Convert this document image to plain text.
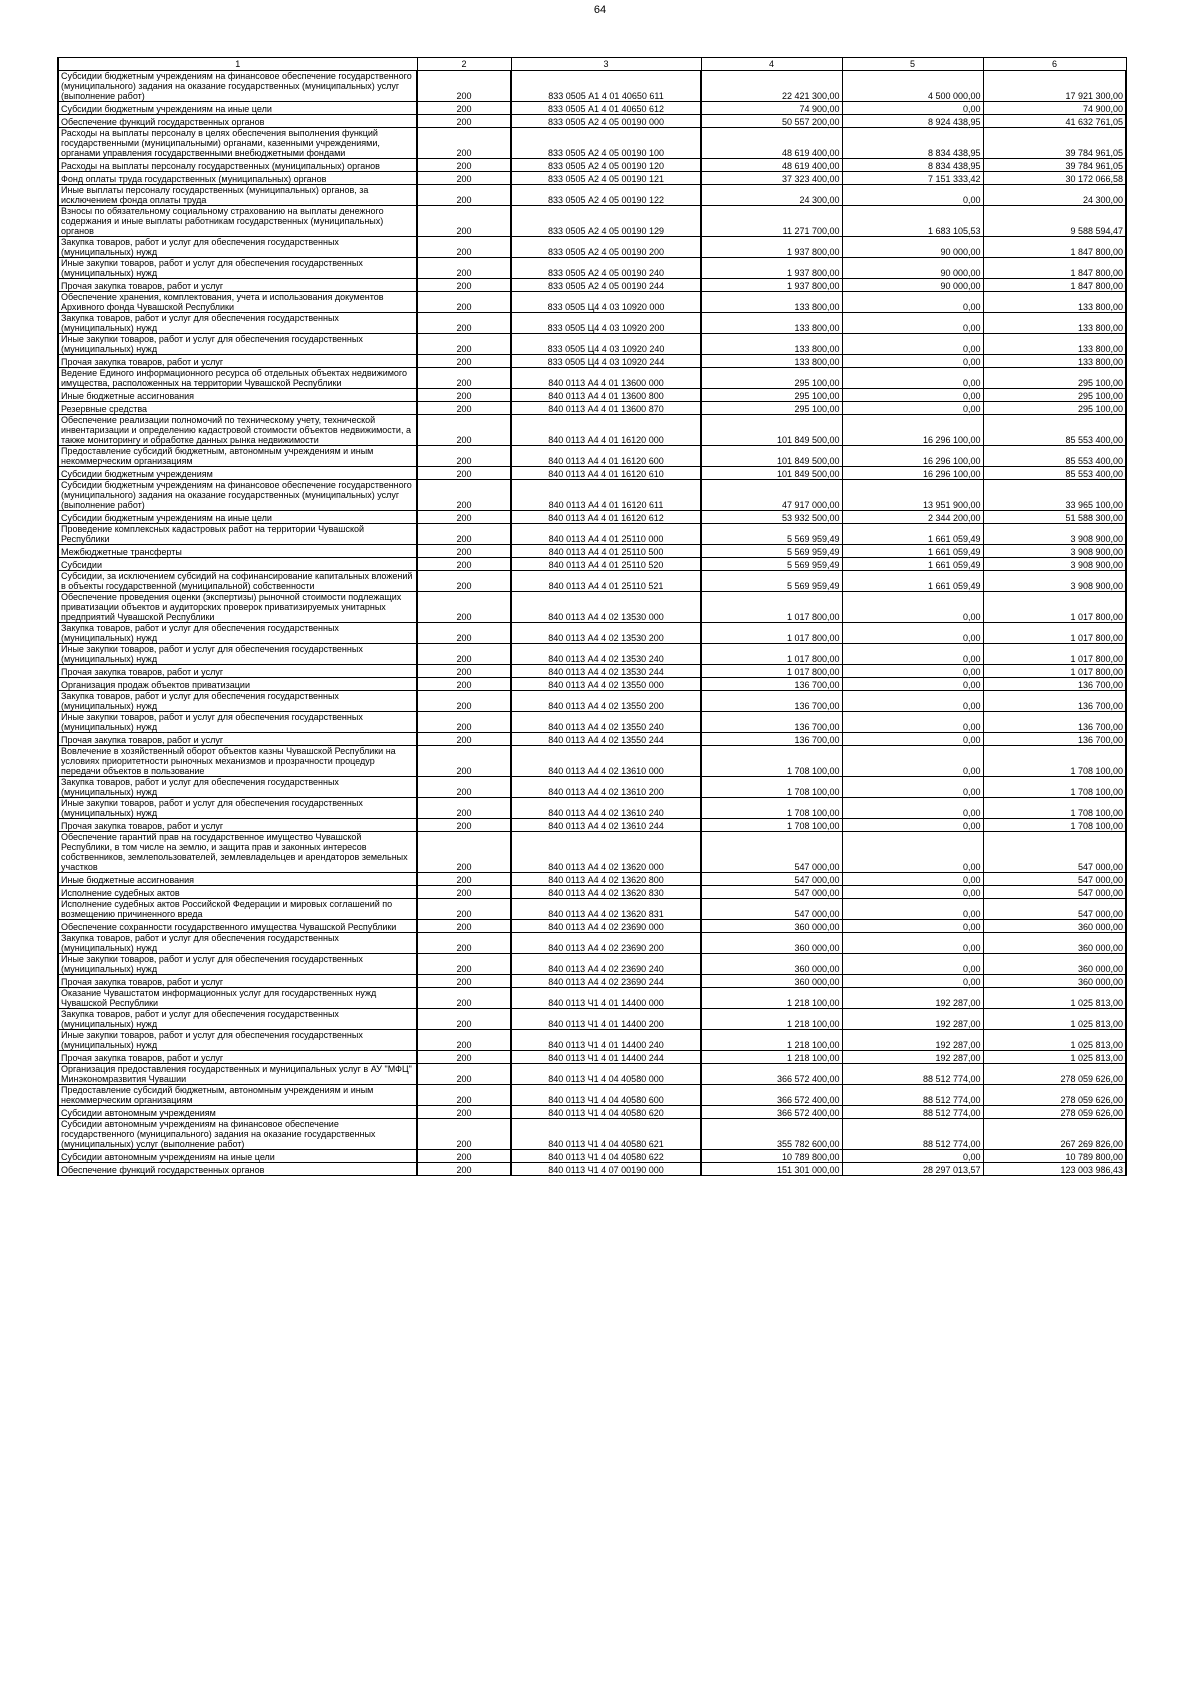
64
1	2	3	4	5	6
Субсидии бюджетным учреждениям на финансовое обеспечение государственного (муниципального) задания на оказание государственных (муниципальных) услуг (выполнение работ)	200	833 0505 А1 4 01 40650 611	22 421 300,00	4 500 000,00	17 921 300,00
Субсидии бюджетным учреждениям на иные цели	200	833 0505 А1 4 01 40650 612	74 900,00	0,00	74 900,00
Обеспечение функций государственных органов	200	833 0505 А2 4 05 00190 000	50 557 200,00	8 924 438,95	41 632 761,05
Расходы на выплаты персоналу в целях обеспечения выполнения функций государственными (муниципальными) органами, казенными учреждениями, органами управления государственными внебюджетными фондами	200	833 0505 А2 4 05 00190 100	48 619 400,00	8 834 438,95	39 784 961,05
Расходы на выплаты персоналу государственных (муниципальных) органов	200	833 0505 А2 4 05 00190 120	48 619 400,00	8 834 438,95	39 784 961,05
Фонд оплаты труда государственных (муниципальных) органов	200	833 0505 А2 4 05 00190 121	37 323 400,00	7 151 333,42	30 172 066,58
Иные выплаты персоналу государственных (муниципальных) органов, за исключением фонда оплаты труда	200	833 0505 А2 4 05 00190 122	24 300,00	0,00	24 300,00
Взносы по обязательному социальному страхованию на выплаты денежного содержания и иные выплаты работникам государственных (муниципальных) органов	200	833 0505 А2 4 05 00190 129	11 271 700,00	1 683 105,53	9 588 594,47
Закупка товаров, работ и услуг для обеспечения государственных (муниципальных) нужд	200	833 0505 А2 4 05 00190 200	1 937 800,00	90 000,00	1 847 800,00
Иные закупки товаров, работ и услуг для обеспечения государственных (муниципальных) нужд	200	833 0505 А2 4 05 00190 240	1 937 800,00	90 000,00	1 847 800,00
Прочая закупка товаров, работ и услуг	200	833 0505 А2 4 05 00190 244	1 937 800,00	90 000,00	1 847 800,00
Обеспечение хранения, комплектования, учета и использования документов Архивного фонда Чувашской Республики	200	833 0505 Ц4 4 03 10920 000	133 800,00	0,00	133 800,00
Закупка товаров, работ и услуг для обеспечения государственных (муниципальных) нужд	200	833 0505 Ц4 4 03 10920 200	133 800,00	0,00	133 800,00
Иные закупки товаров, работ и услуг для обеспечения государственных (муниципальных) нужд	200	833 0505 Ц4 4 03 10920 240	133 800,00	0,00	133 800,00
Прочая закупка товаров, работ и услуг	200	833 0505 Ц4 4 03 10920 244	133 800,00	0,00	133 800,00
Ведение Единого информационного ресурса об отдельных объектах недвижимого имущества, расположенных на территории Чувашской Республики	200	840 0113 А4 4 01 13600 000	295 100,00	0,00	295 100,00
Иные бюджетные ассигнования	200	840 0113 А4 4 01 13600 800	295 100,00	0,00	295 100,00
Резервные средства	200	840 0113 А4 4 01 13600 870	295 100,00	0,00	295 100,00
Обеспечение реализации полномочий по техническому учету, технической инвентаризации и определению кадастровой стоимости объектов недвижимости, а также мониторингу и обработке данных рынка недвижимости	200	840 0113 А4 4 01 16120 000	101 849 500,00	16 296 100,00	85 553 400,00
Предоставление субсидий бюджетным, автономным учреждениям и иным некоммерческим организациям	200	840 0113 А4 4 01 16120 600	101 849 500,00	16 296 100,00	85 553 400,00
Субсидии бюджетным учреждениям	200	840 0113 А4 4 01 16120 610	101 849 500,00	16 296 100,00	85 553 400,00
Субсидии бюджетным учреждениям на финансовое обеспечение государственного (муниципального) задания на оказание государственных (муниципальных) услуг (выполнение работ)	200	840 0113 А4 4 01 16120 611	47 917 000,00	13 951 900,00	33 965 100,00
Субсидии бюджетным учреждениям на иные цели	200	840 0113 А4 4 01 16120 612	53 932 500,00	2 344 200,00	51 588 300,00
Проведение комплексных кадастровых работ на территории Чувашской Республики	200	840 0113 А4 4 01 25110 000	5 569 959,49	1 661 059,49	3 908 900,00
Межбюджетные трансферты	200	840 0113 А4 4 01 25110 500	5 569 959,49	1 661 059,49	3 908 900,00
Субсидии	200	840 0113 А4 4 01 25110 520	5 569 959,49	1 661 059,49	3 908 900,00
Субсидии, за исключением субсидий на софинансирование капитальных вложений в объекты государственной (муниципальной) собственности	200	840 0113 А4 4 01 25110 521	5 569 959,49	1 661 059,49	3 908 900,00
Обеспечение проведения оценки (экспертизы) рыночной стоимости подлежащих приватизации объектов и аудиторских проверок приватизируемых унитарных предприятий Чувашской Республики	200	840 0113 А4 4 02 13530 000	1 017 800,00	0,00	1 017 800,00
Закупка товаров, работ и услуг для обеспечения государственных (муниципальных) нужд	200	840 0113 А4 4 02 13530 200	1 017 800,00	0,00	1 017 800,00
Иные закупки товаров, работ и услуг для обеспечения государственных (муниципальных) нужд	200	840 0113 А4 4 02 13530 240	1 017 800,00	0,00	1 017 800,00
Прочая закупка товаров, работ и услуг	200	840 0113 А4 4 02 13530 244	1 017 800,00	0,00	1 017 800,00
Организация продаж объектов приватизации	200	840 0113 А4 4 02 13550 000	136 700,00	0,00	136 700,00
Закупка товаров, работ и услуг для обеспечения государственных (муниципальных) нужд	200	840 0113 А4 4 02 13550 200	136 700,00	0,00	136 700,00
Иные закупки товаров, работ и услуг для обеспечения государственных (муниципальных) нужд	200	840 0113 А4 4 02 13550 240	136 700,00	0,00	136 700,00
Прочая закупка товаров, работ и услуг	200	840 0113 А4 4 02 13550 244	136 700,00	0,00	136 700,00
Вовлечение в хозяйственный оборот объектов казны Чувашской Республики на условиях приоритетности рыночных механизмов и прозрачности процедур передачи объектов в пользование	200	840 0113 А4 4 02 13610 000	1 708 100,00	0,00	1 708 100,00
Закупка товаров, работ и услуг для обеспечения государственных (муниципальных) нужд	200	840 0113 А4 4 02 13610 200	1 708 100,00	0,00	1 708 100,00
Иные закупки товаров, работ и услуг для обеспечения государственных (муниципальных) нужд	200	840 0113 А4 4 02 13610 240	1 708 100,00	0,00	1 708 100,00
Прочая закупка товаров, работ и услуг	200	840 0113 А4 4 02 13610 244	1 708 100,00	0,00	1 708 100,00
Обеспечение гарантий прав на государственное имущество Чувашской Республики, в том числе на землю, и защита прав и законных интересов собственников, землепользователей, землевладельцев и арендаторов земельных участков	200	840 0113 А4 4 02 13620 000	547 000,00	0,00	547 000,00
Иные бюджетные ассигнования	200	840 0113 А4 4 02 13620 800	547 000,00	0,00	547 000,00
Исполнение судебных актов	200	840 0113 А4 4 02 13620 830	547 000,00	0,00	547 000,00
Исполнение судебных актов Российской Федерации и мировых соглашений по возмещению причиненного вреда	200	840 0113 А4 4 02 13620 831	547 000,00	0,00	547 000,00
Обеспечение сохранности государственного имущества Чувашской Республики	200	840 0113 А4 4 02 23690 000	360 000,00	0,00	360 000,00
Закупка товаров, работ и услуг для обеспечения государственных (муниципальных) нужд	200	840 0113 А4 4 02 23690 200	360 000,00	0,00	360 000,00
Иные закупки товаров, работ и услуг для обеспечения государственных (муниципальных) нужд	200	840 0113 А4 4 02 23690 240	360 000,00	0,00	360 000,00
Прочая закупка товаров, работ и услуг	200	840 0113 А4 4 02 23690 244	360 000,00	0,00	360 000,00
Оказание Чувашстатом информационных услуг для государственных нужд Чувашской Республики	200	840 0113 Ч1 4 01 14400 000	1 218 100,00	192 287,00	1 025 813,00
Закупка товаров, работ и услуг для обеспечения государственных (муниципальных) нужд	200	840 0113 Ч1 4 01 14400 200	1 218 100,00	192 287,00	1 025 813,00
Иные закупки товаров, работ и услуг для обеспечения государственных (муниципальных) нужд	200	840 0113 Ч1 4 01 14400 240	1 218 100,00	192 287,00	1 025 813,00
Прочая закупка товаров, работ и услуг	200	840 0113 Ч1 4 01 14400 244	1 218 100,00	192 287,00	1 025 813,00
Организация предоставления государственных и муниципальных услуг в АУ "МФЦ" Минэкономразвития Чувашии	200	840 0113 Ч1 4 04 40580 000	366 572 400,00	88 512 774,00	278 059 626,00
Предоставление субсидий бюджетным, автономным учреждениям и иным некоммерческим организациям	200	840 0113 Ч1 4 04 40580 600	366 572 400,00	88 512 774,00	278 059 626,00
Субсидии автономным учреждениям	200	840 0113 Ч1 4 04 40580 620	366 572 400,00	88 512 774,00	278 059 626,00
Субсидии автономным учреждениям на финансовое обеспечение государственного (муниципального) задания на оказание государственных (муниципальных) услуг (выполнение работ)	200	840 0113 Ч1 4 04 40580 621	355 782 600,00	88 512 774,00	267 269 826,00
Субсидии автономным учреждениям на иные цели	200	840 0113 Ч1 4 04 40580 622	10 789 800,00	0,00	10 789 800,00
Обеспечение функций государственных органов	200	840 0113 Ч1 4 07 00190 000	151 301 000,00	28 297 013,57	123 003 986,43
